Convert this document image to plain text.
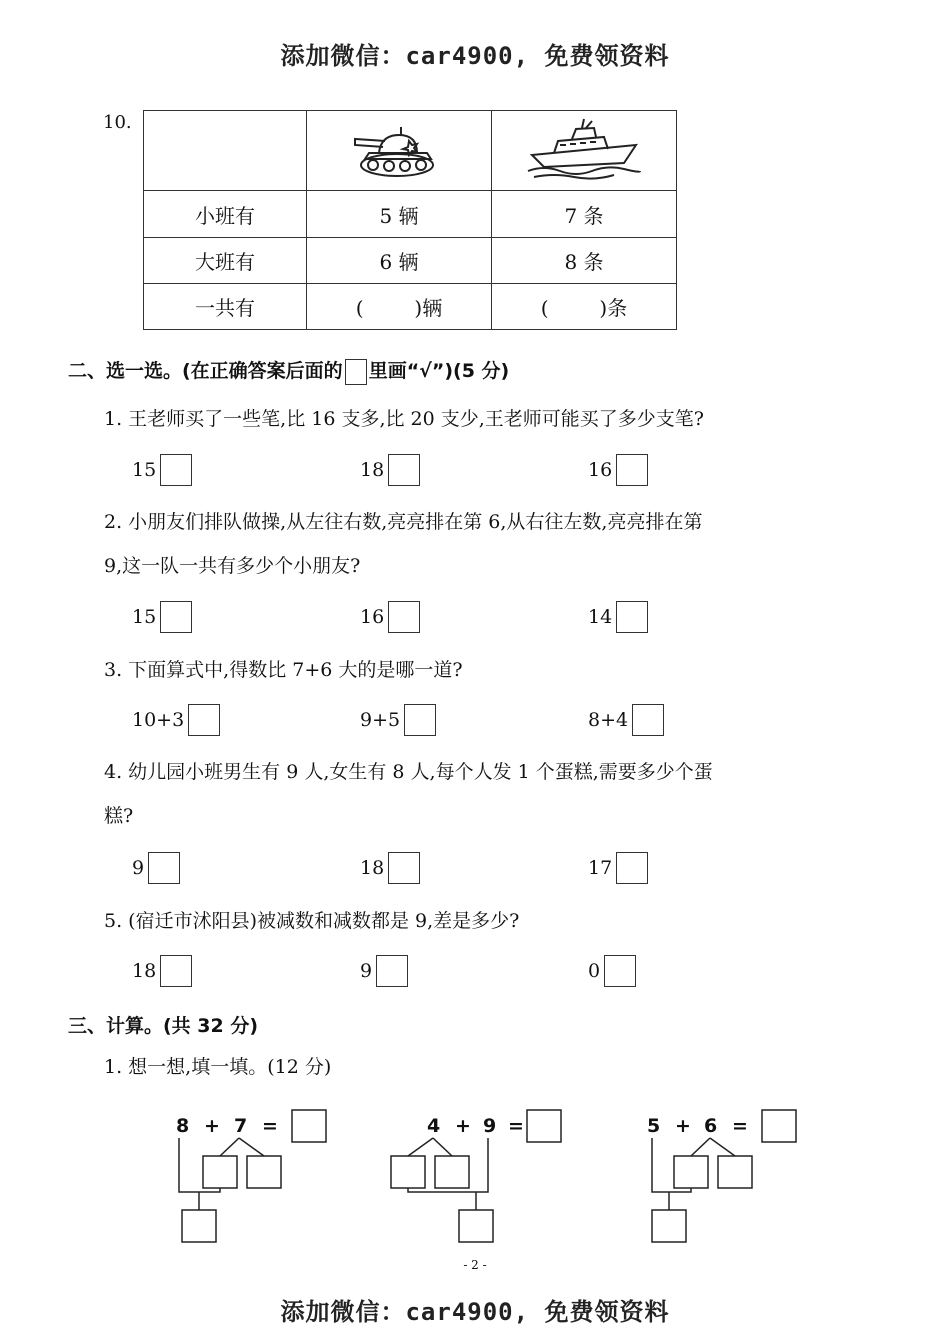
添加微信：car4900, 免费领资料
10.

小班有	5 辆	7 条
大班有	6 辆	8 条
一共有	(        )辆	(        )条
二、选一选。(在正确答案后面的 里画“√”)(5 分)
1. 王老师买了一些笔,比 16 支多,比 20 支少,王老师可能买了多少支笔?
15	18	16
2. 小朋友们排队做操,从左往右数,亮亮排在第 6,从右往左数,亮亮排在第
9,这一队一共有多少个小朋友?
15	16	14
3. 下面算式中,得数比 7+6 大的是哪一道?
10+3	9+5	8+4
4. 幼儿园小班男生有 9 人,女生有 8 人,每个人发 1 个蛋糕,需要多少个蛋
糕?
9	18	17
5. (宿迁市沭阳县)被减数和减数都是 9,差是多少?
18	9	0
三、计算。(共 32 分)
1. 想一想,填一填。(12 分)
8 + 7 =	4 + 9 =	5 + 6 =
- 2 -
添加微信：car4900, 免费领资料
